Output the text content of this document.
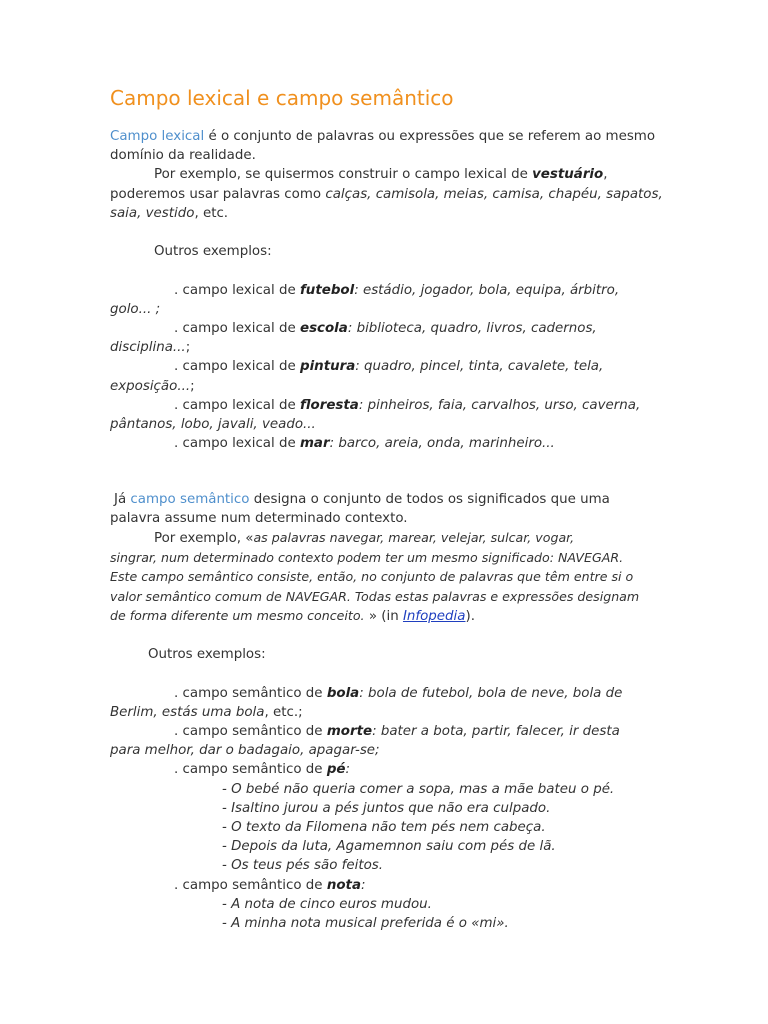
Campo lexical e campo semântico
Campo lexical é o conjunto de palavras ou expressões que se referem ao mesmo
domínio da realidade.
Por exemplo, se quisermos construir o campo lexical de vestuário,
poderemos usar palavras como calças, camisola, meias, camisa, chapéu, sapatos,
saia, vestido, etc.
Outros exemplos:
. campo lexical de futebol: estádio, jogador, bola, equipa, árbitro,
golo... ;
. campo lexical de escola: biblioteca, quadro, livros, cadernos,
disciplina...;
. campo lexical de pintura: quadro, pincel, tinta, cavalete, tela,
exposição...;
. campo lexical de floresta: pinheiros, faia, carvalhos, urso, caverna,
pântanos, lobo, javali, veado...
. campo lexical de mar: barco, areia, onda, marinheiro...
Já campo semântico designa o conjunto de todos os significados que uma
palavra assume num determinado contexto.
Por exemplo, «as palavras navegar, marear, velejar, sulcar, vogar,
singrar, num determinado contexto podem ter um mesmo significado: NAVEGAR.
Este campo semântico consiste, então, no conjunto de palavras que têm entre si o
valor semântico comum de NAVEGAR. Todas estas palavras e expressões designam
de forma diferente um mesmo conceito. » (in Infopedia).
Outros exemplos:
. campo semântico de bola: bola de futebol, bola de neve, bola de
Berlim, estás uma bola, etc.;
. campo semântico de morte: bater a bota, partir, falecer, ir desta
para melhor, dar o badagaio, apagar-se;
. campo semântico de pé:
- O bebé não queria comer a sopa, mas a mãe bateu o pé.
- Isaltino jurou a pés juntos que não era culpado.
- O texto da Filomena não tem pés nem cabeça.
- Depois da luta, Agamemnon saiu com pés de lã.
- Os teus pés são feitos.
. campo semântico de nota:
- A nota de cinco euros mudou.
- A minha nota musical preferida é o «mi».
